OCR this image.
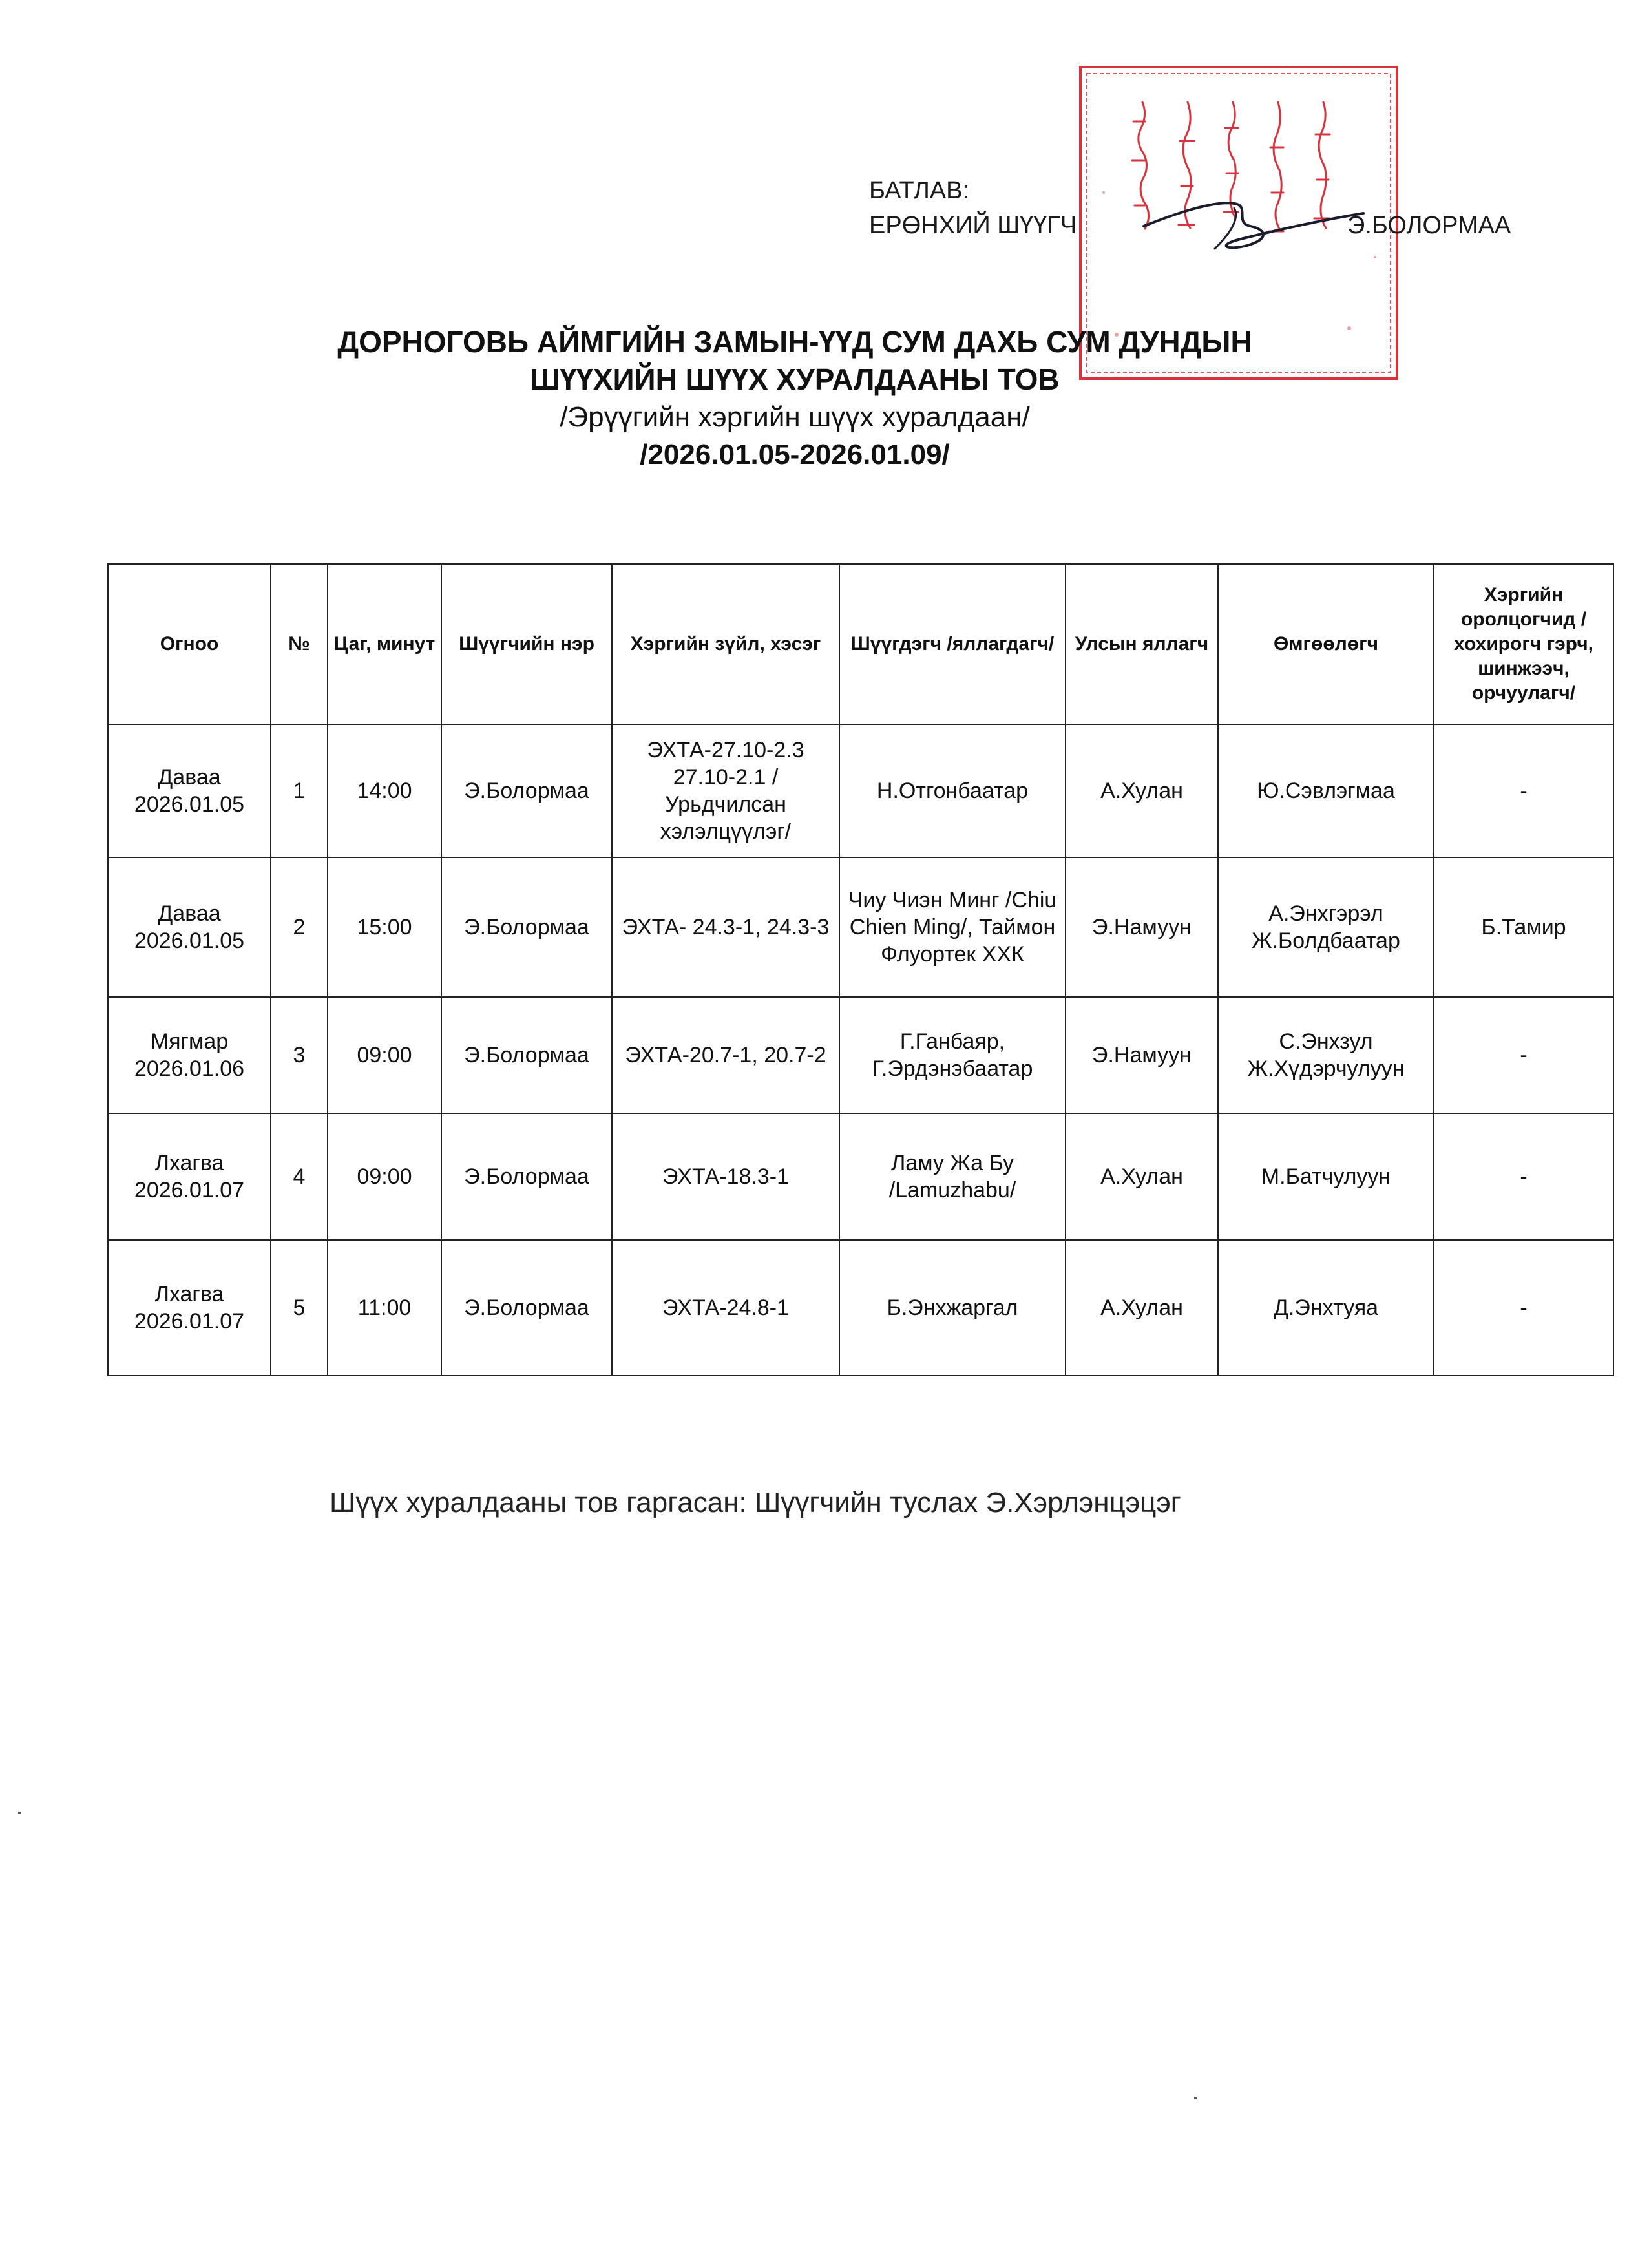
БАТЛАВ:
ЕРӨНХИЙ ШҮҮГЧ	Э.БОЛОРМАА
ДОРНОГОВЬ АЙМГИЙН ЗАМЫН-ҮҮД СУМ ДАХЬ СУМ ДУНДЫН
ШҮҮХИЙН ШҮҮХ ХУРАЛДААНЫ ТОВ
/Эрүүгийн хэргийн шүүх хуралдаан/
/2026.01.05-2026.01.09/
Огноо	№	Цаг, минут	Шүүгчийн нэр	Хэргийн зүйл, хэсэг	Шүүгдэгч /яллагдагч/	Улсын яллагч	Өмгөөлөгч	Хэргийн оролцогчид /хохирогч гэрч, шинжээч, орчуулагч/

Даваа
2026.01.05	1	14:00	Э.Болормаа	ЭХТА-27.10-2.3 27.10-2.1 /Урьдчилсан хэлэлцүүлэг/	Н.Отгонбаатар	А.Хулан	Ю.Сэвлэгмаа	-

Даваа
2026.01.05	2	15:00	Э.Болормаа	ЭХТА- 24.3-1, 24.3-3	Чиу Чиэн Минг /Chiu Chien Ming/, Таймон Флуортек ХХК	Э.Намуун	А.Энхгэрэл Ж.Болдбаатар	Б.Тамир

Мягмар
2026.01.06	3	09:00	Э.Болормаа	ЭХТА-20.7-1, 20.7-2	Г.Ганбаяр, Г.Эрдэнэбаатар	Э.Намуун	С.Энхзул Ж.Хүдэрчулуун	-

Лхагва
2026.01.07	4	09:00	Э.Болормаа	ЭХТА-18.3-1	Ламу Жа Бу /Lamuzhabu/	А.Хулан	М.Батчулуун	-

Лхагва
2026.01.07	5	11:00	Э.Болормаа	ЭХТА-24.8-1	Б.Энхжаргал	А.Хулан	Д.Энхтуяа	-
Шүүх хуралдааны тов гаргасан: Шүүгчийн туслах Э.Хэрлэнцэцэг
